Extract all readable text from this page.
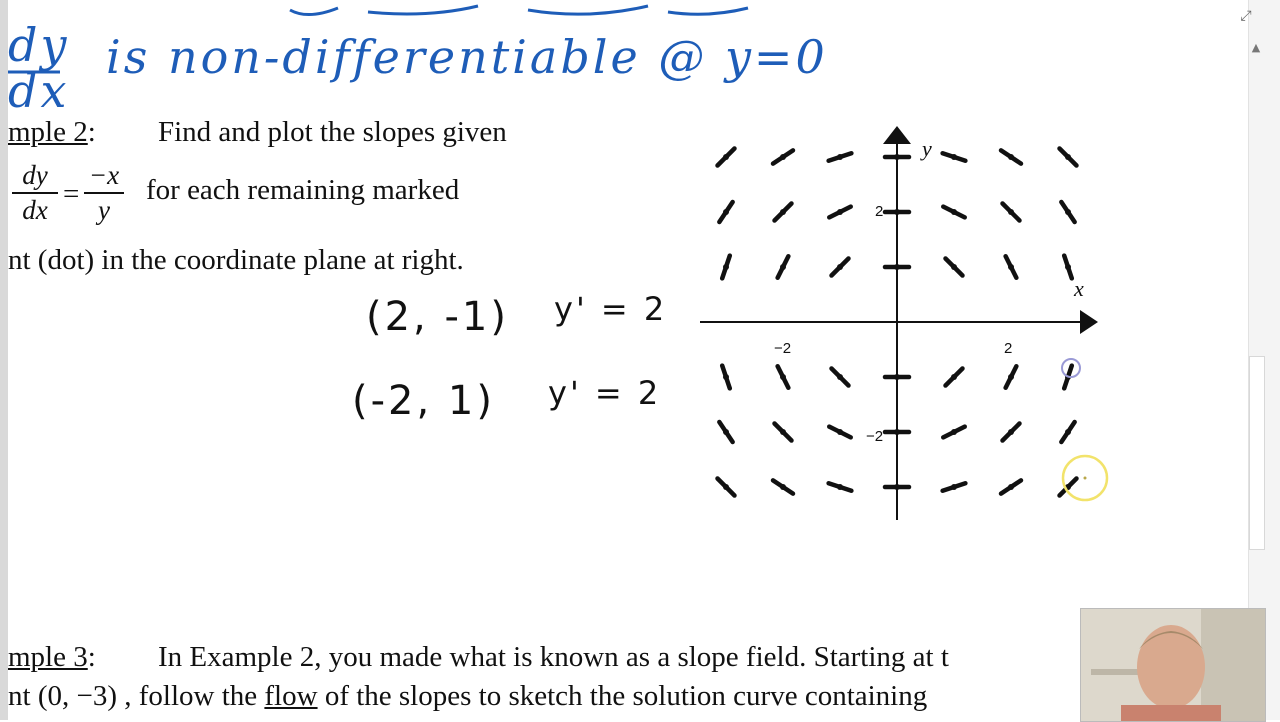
dy
dx
is non-differentiable @ y=0
mple 2: Find and plot the slopes given
dy
dx =
−x
y
for each remaining marked
nt (dot) in the coordinate plane at right.
(2, -1) y' = 2
(-2, 1) y' = 2
x
y
2
−2
2
−2
mple 3: In Example 2, you made what is known as a slope field. Starting at t
nt (0, −3) , follow the flow of the slopes to sketch the solution curve containing
▲
⤢
